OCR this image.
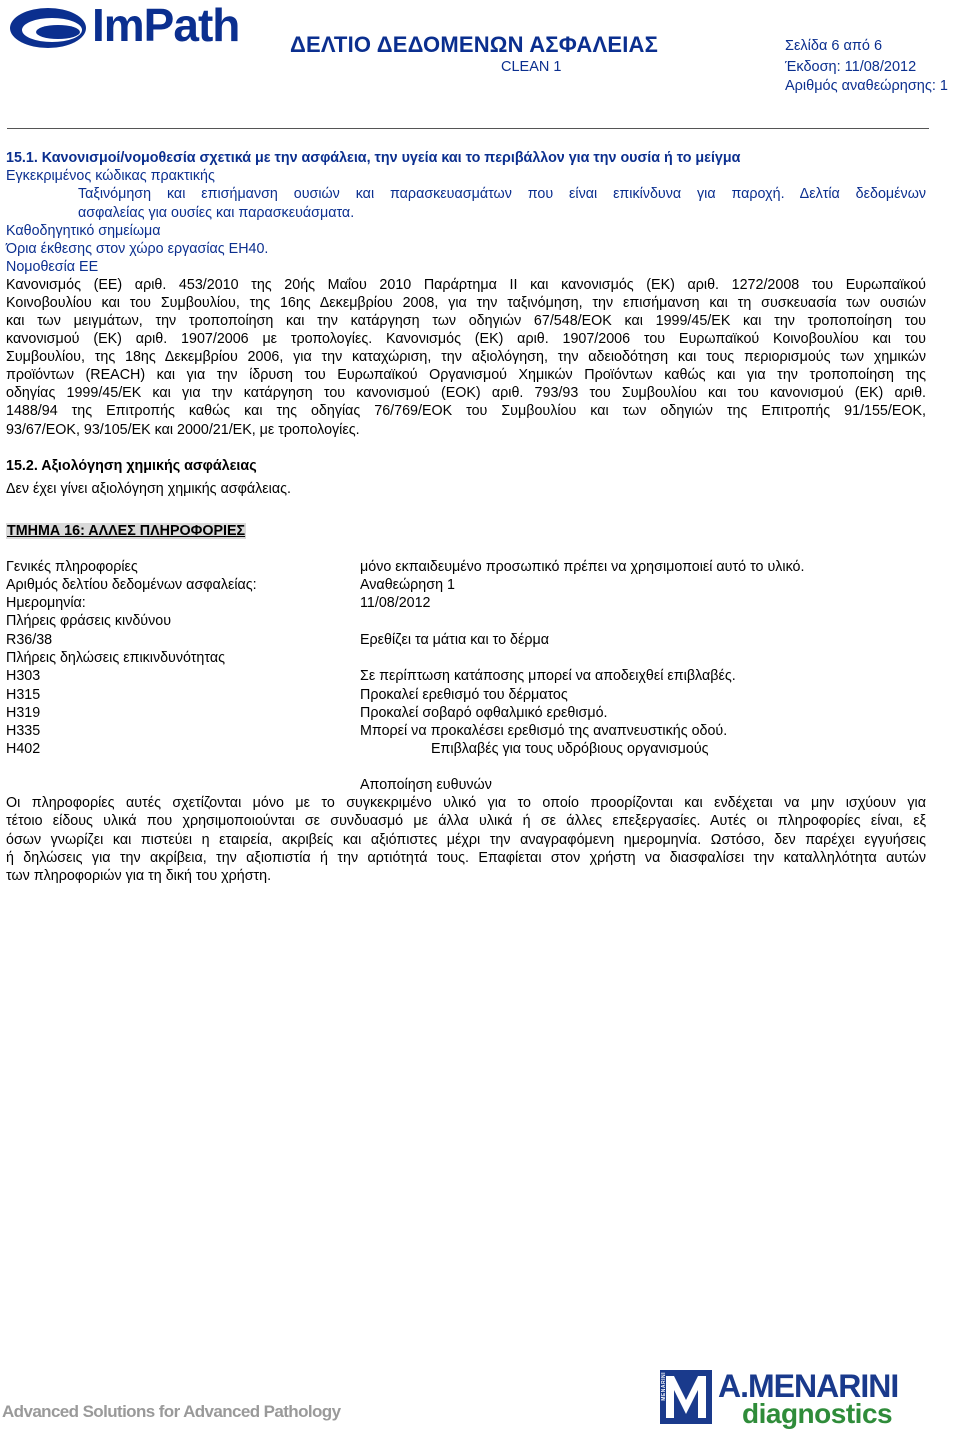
ImPath ΔΕΛΤΙΟ ΔΕΔΟΜΕΝΩΝ ΑΣΦΑΛΕΙΑΣ
CLEAN 1
Σελίδα 6 από 6
Έκδοση: 11/08/2012
Αριθμός αναθεώρησης: 1
15.1. Κανονισμοί/νομοθεσία σχετικά με την ασφάλεια, την υγεία και το περιβάλλον για την ουσία ή το μείγμα
Εγκεκριμένος κώδικας πρακτικής
Ταξινόμηση και επισήμανση ουσιών και παρασκευασμάτων που είναι επικίνδυνα για παροχή. Δελτία δεδομένων
ασφαλείας για ουσίες και παρασκευάσματα.
Καθοδηγητικό σημείωμα
Όρια έκθεσης στον χώρο εργασίας EH40.
Νομοθεσία ΕΕ
Κανονισμός (ΕΕ) αριθ. 453/2010 της 20ής Μαΐου 2010 Παράρτημα II και κανονισμός (ΕΚ) αριθ. 1272/2008 του Ευρωπαϊκού
Κοινοβουλίου και του Συμβουλίου, της 16ης Δεκεμβρίου 2008, για την ταξινόμηση, την επισήμανση και τη συσκευασία των ουσιών
και των μειγμάτων, την τροποποίηση και την κατάργηση των οδηγιών 67/548/ΕΟΚ και 1999/45/ΕΚ και την τροποποίηση του
κανονισμού (ΕΚ) αριθ. 1907/2006 με τροπολογίες. Κανονισμός (ΕΚ) αριθ. 1907/2006 του Ευρωπαϊκού Κοινοβουλίου και του
Συμβουλίου, της 18ης Δεκεμβρίου 2006, για την καταχώριση, την αξιολόγηση, την αδειοδότηση και τους περιορισμούς των χημικών
προϊόντων (REACH) και για την ίδρυση του Ευρωπαϊκού Οργανισμού Χημικών Προϊόντων καθώς και για την τροποποίηση της
οδηγίας 1999/45/ΕΚ και για την κατάργηση του κανονισμού (ΕΟΚ) αριθ. 793/93 του Συμβουλίου και του κανονισμού (ΕΚ) αριθ.
1488/94 της Επιτροπής καθώς και της οδηγίας 76/769/ΕΟΚ του Συμβουλίου και των οδηγιών της Επιτροπής 91/155/ΕΟΚ,
93/67/ΕΟΚ, 93/105/ΕΚ και 2000/21/ΕΚ, με τροπολογίες.
15.2. Αξιολόγηση χημικής ασφάλειας
Δεν έχει γίνει αξιολόγηση χημικής ασφάλειας.
ΤΜΗΜΑ 16: ΑΛΛΕΣ ΠΛΗΡΟΦΟΡΙΕΣ
Γενικές πληροφορίες	μόνο εκπαιδευμένο προσωπικό πρέπει να χρησιμοποιεί αυτό το υλικό.
Αριθμός δελτίου δεδομένων ασφαλείας:	Αναθεώρηση 1
Ημερομηνία:	11/08/2012
Πλήρεις φράσεις κινδύνου
R36/38	Ερεθίζει τα μάτια και το δέρμα
Πλήρεις δηλώσεις επικινδυνότητας
H303	Σε περίπτωση κατάποσης μπορεί να αποδειχθεί επιβλαβές.
H315	Προκαλεί ερεθισμό του δέρματος
H319	Προκαλεί σοβαρό οφθαλμικό ερεθισμό.
H335	Μπορεί να προκαλέσει ερεθισμό της αναπνευστικής οδού.
H402	Επιβλαβές για τους υδρόβιους οργανισμούς
Αποποίηση ευθυνών
Οι πληροφορίες αυτές σχετίζονται μόνο με το συγκεκριμένο υλικό για το οποίο προορίζονται και ενδέχεται να μην ισχύουν για
τέτοιο είδους υλικά που χρησιμοποιούνται σε συνδυασμό με άλλα υλικά ή σε άλλες επεξεργασίες. Αυτές οι πληροφορίες είναι, εξ
όσων γνωρίζει και πιστεύει η εταιρεία, ακριβείς και αξιόπιστες μέχρι την αναγραφόμενη ημερομηνία. Ωστόσο, δεν παρέχει εγγυήσεις
ή δηλώσεις για την ακρίβεια, την αξιοπιστία ή την αρτιότητά τους. Επαφίεται στον χρήστη να διασφαλίσει την καταλληλότητα αυτών
των πληροφοριών για τη δική του χρήστη.
Advanced Solutions for Advanced Pathology
MENARINI A.MENARINI
diagnostics
